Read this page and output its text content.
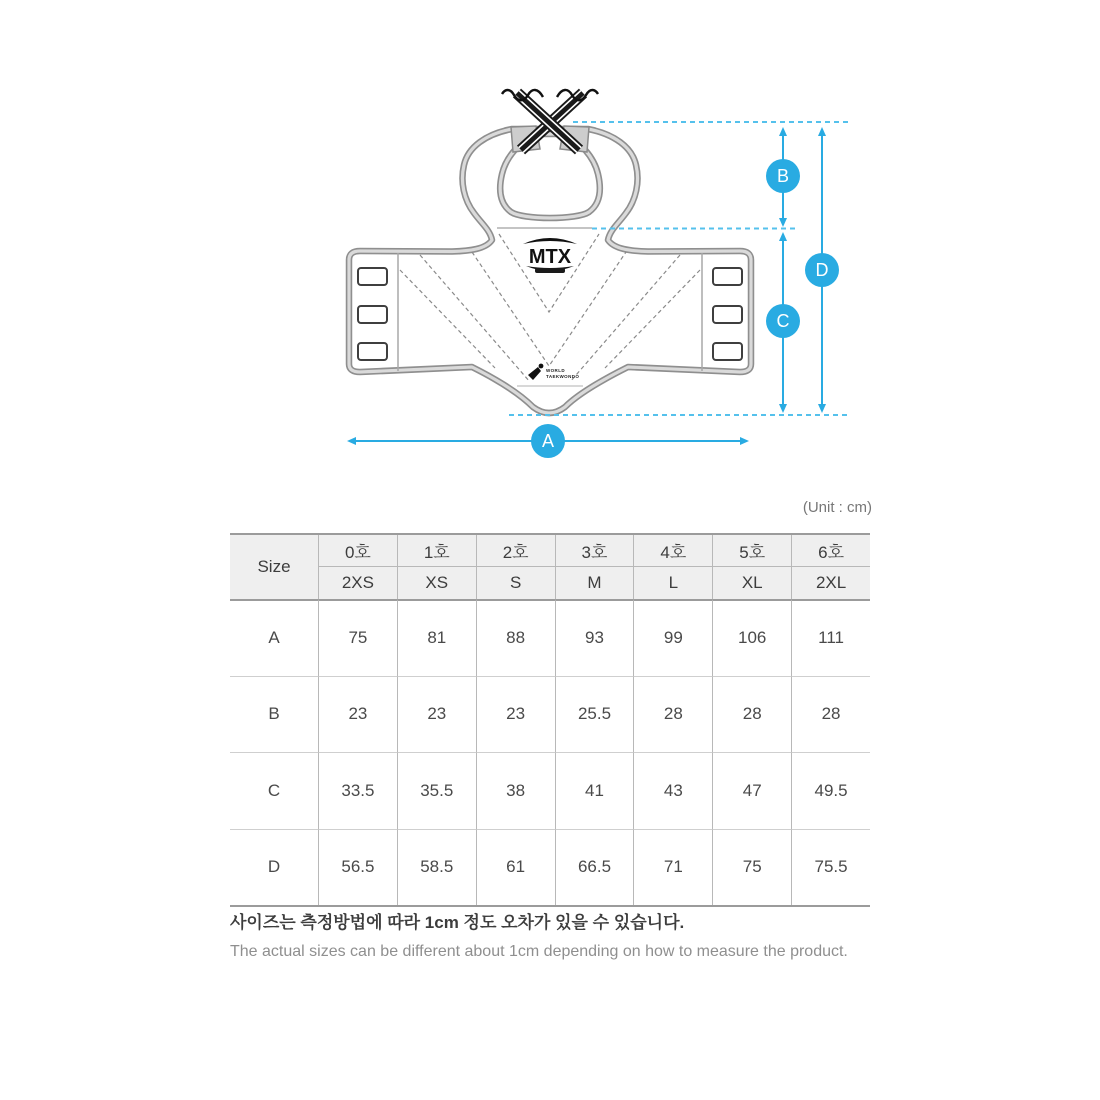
MTX
WORLD
TAEKWONDO
B
C
D
A
(Unit : cm)
Size
0호	1호	2호	3호	4호	5호	6호
2XS	XS	S	M	L	XL	2XL
A	75	81	88	93	99	106	111
B	23	23	23	25.5	28	28	28
C	33.5	35.5	38	41	43	47	49.5
D	56.5	58.5	61	66.5	71	75	75.5

사이즈는 측정방법에 따라 1cm 정도 오차가 있을 수 있습니다.

The actual sizes can be different about 1cm depending on how to measure the product.
